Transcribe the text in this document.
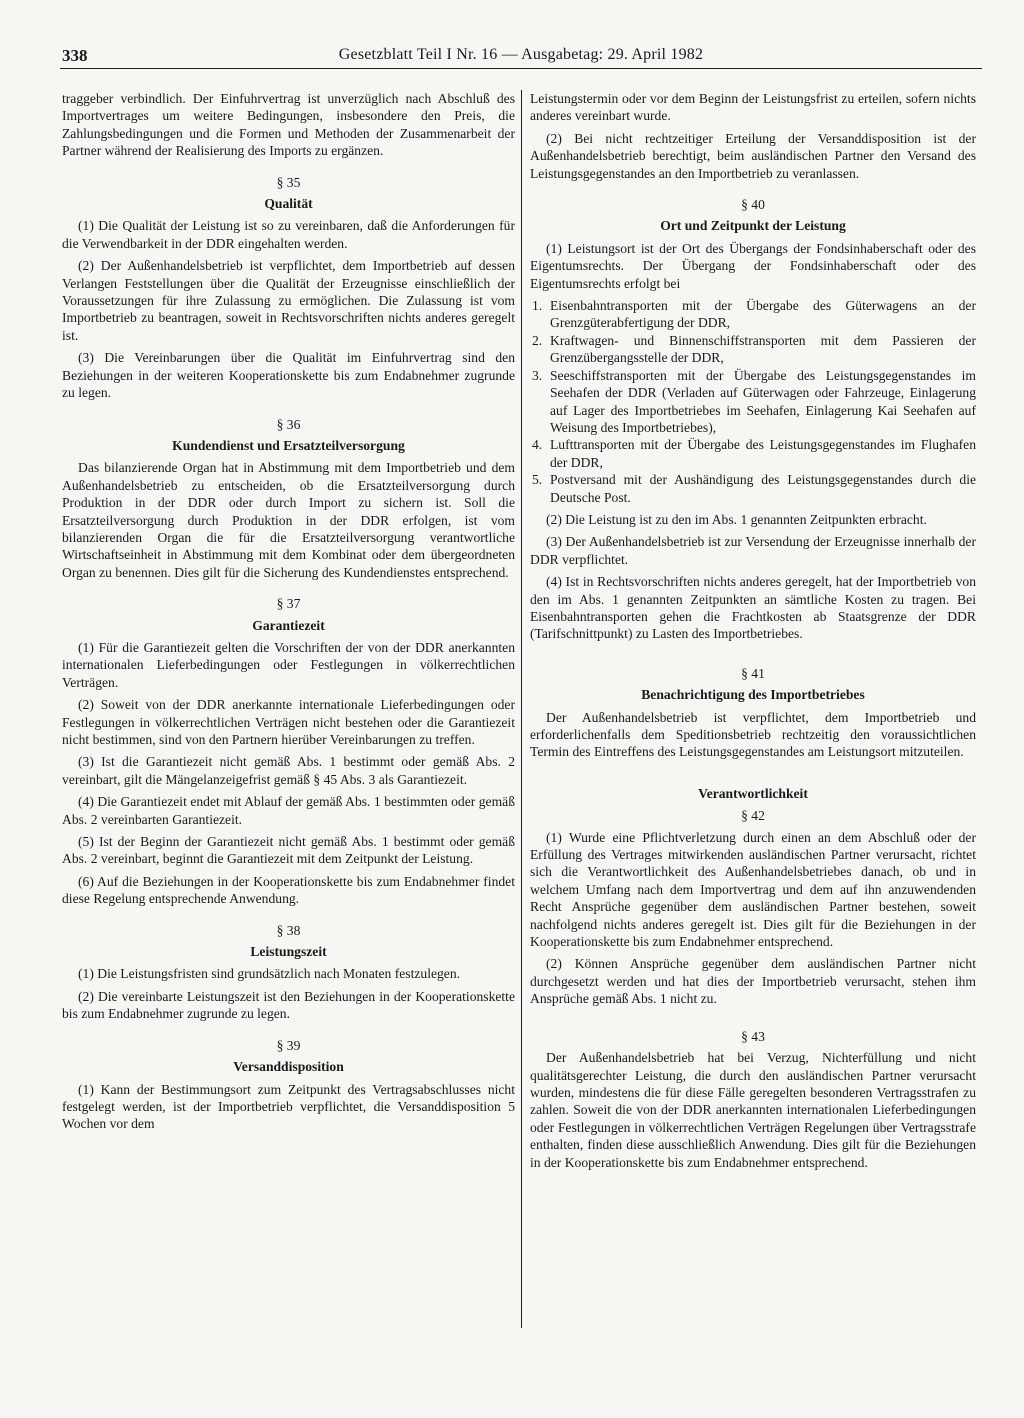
338	Gesetzblatt Teil I Nr. 16 — Ausgabetag: 29. April 1982

traggeber verbindlich. Der Einfuhrvertrag ist unverzüglich nach Abschluß des Importvertrages um weitere Bedingungen, insbesondere den Preis, die Zahlungsbedingungen und die Formen und Methoden der Zusammenarbeit der Partner während der Realisierung des Imports zu ergänzen.

§ 35
Qualität

(1) Die Qualität der Leistung ist so zu vereinbaren, daß die Anforderungen für die Verwendbarkeit in der DDR eingehalten werden.

(2) Der Außenhandelsbetrieb ist verpflichtet, dem Importbetrieb auf dessen Verlangen Feststellungen über die Qualität der Erzeugnisse einschließlich der Voraussetzungen für ihre Zulassung zu ermöglichen. Die Zulassung ist vom Importbetrieb zu beantragen, soweit in Rechtsvorschriften nichts anderes geregelt ist.

(3) Die Vereinbarungen über die Qualität im Einfuhrvertrag sind den Beziehungen in der weiteren Kooperationskette bis zum Endabnehmer zugrunde zu legen.

§ 36
Kundendienst und Ersatzteilversorgung

Das bilanzierende Organ hat in Abstimmung mit dem Importbetrieb und dem Außenhandelsbetrieb zu entscheiden, ob die Ersatzteilversorgung durch Produktion in der DDR oder durch Import zu sichern ist. Soll die Ersatzteilversorgung durch Produktion in der DDR erfolgen, ist vom bilanzierenden Organ die für die Ersatzteilversorgung verantwortliche Wirtschaftseinheit in Abstimmung mit dem Kombinat oder dem übergeordneten Organ zu benennen. Dies gilt für die Sicherung des Kundendienstes entsprechend.

§ 37
Garantiezeit

(1) Für die Garantiezeit gelten die Vorschriften der von der DDR anerkannten internationalen Lieferbedingungen oder Festlegungen in völkerrechtlichen Verträgen.

(2) Soweit von der DDR anerkannte internationale Lieferbedingungen oder Festlegungen in völkerrechtlichen Verträgen nicht bestehen oder die Garantiezeit nicht bestimmen, sind von den Partnern hierüber Vereinbarungen zu treffen.

(3) Ist die Garantiezeit nicht gemäß Abs. 1 bestimmt oder gemäß Abs. 2 vereinbart, gilt die Mängelanzeigefrist gemäß § 45 Abs. 3 als Garantiezeit.

(4) Die Garantiezeit endet mit Ablauf der gemäß Abs. 1 bestimmten oder gemäß Abs. 2 vereinbarten Garantiezeit.

(5) Ist der Beginn der Garantiezeit nicht gemäß Abs. 1 bestimmt oder gemäß Abs. 2 vereinbart, beginnt die Garantiezeit mit dem Zeitpunkt der Leistung.

(6) Auf die Beziehungen in der Kooperationskette bis zum Endabnehmer findet diese Regelung entsprechende Anwendung.

§ 38
Leistungszeit

(1) Die Leistungsfristen sind grundsätzlich nach Monaten festzulegen.

(2) Die vereinbarte Leistungszeit ist den Beziehungen in der Kooperationskette bis zum Endabnehmer zugrunde zu legen.

§ 39
Versanddisposition

(1) Kann der Bestimmungsort zum Zeitpunkt des Vertragsabschlusses nicht festgelegt werden, ist der Importbetrieb verpflichtet, die Versanddisposition 5 Wochen vor dem

Leistungstermin oder vor dem Beginn der Leistungsfrist zu erteilen, sofern nichts anderes vereinbart wurde.

(2) Bei nicht rechtzeitiger Erteilung der Versanddisposition ist der Außenhandelsbetrieb berechtigt, beim ausländischen Partner den Versand des Leistungsgegenstandes an den Importbetrieb zu veranlassen.

§ 40
Ort und Zeitpunkt der Leistung

(1) Leistungsort ist der Ort des Übergangs der Fondsinhaberschaft oder des Eigentumsrechts. Der Übergang der Fondsinhaberschaft oder des Eigentumsrechts erfolgt bei

1. Eisenbahntransporten mit der Übergabe des Güterwagens an der Grenzgüterabfertigung der DDR,
2. Kraftwagen- und Binnenschiffstransporten mit dem Passieren der Grenzübergangsstelle der DDR,
3. Seeschiffstransporten mit der Übergabe des Leistungsgegenstandes im Seehafen der DDR (Verladen auf Güterwagen oder Fahrzeuge, Einlagerung auf Lager des Importbetriebes im Seehafen, Einlagerung Kai Seehafen auf Weisung des Importbetriebes),
4. Lufttransporten mit der Übergabe des Leistungsgegenstandes im Flughafen der DDR,
5. Postversand mit der Aushändigung des Leistungsgegenstandes durch die Deutsche Post.

(2) Die Leistung ist zu den im Abs. 1 genannten Zeitpunkten erbracht.

(3) Der Außenhandelsbetrieb ist zur Versendung der Erzeugnisse innerhalb der DDR verpflichtet.

(4) Ist in Rechtsvorschriften nichts anderes geregelt, hat der Importbetrieb von den im Abs. 1 genannten Zeitpunkten an sämtliche Kosten zu tragen. Bei Eisenbahntransporten gehen die Frachtkosten ab Staatsgrenze der DDR (Tarifschnittpunkt) zu Lasten des Importbetriebes.

§ 41
Benachrichtigung des Importbetriebes

Der Außenhandelsbetrieb ist verpflichtet, dem Importbetrieb und erforderlichenfalls dem Speditionsbetrieb rechtzeitig den voraussichtlichen Termin des Eintreffens des Leistungsgegenstandes am Leistungsort mitzuteilen.

Verantwortlichkeit
§ 42

(1) Wurde eine Pflichtverletzung durch einen an dem Abschluß oder der Erfüllung des Vertrages mitwirkenden ausländischen Partner verursacht, richtet sich die Verantwortlichkeit des Außenhandelsbetriebes danach, ob und in welchem Umfang nach dem Importvertrag und dem auf ihn anzuwendenden Recht Ansprüche gegenüber dem ausländischen Partner bestehen, soweit nachfolgend nichts anderes geregelt ist. Dies gilt für die Beziehungen in der Kooperationskette bis zum Endabnehmer entsprechend.

(2) Können Ansprüche gegenüber dem ausländischen Partner nicht durchgesetzt werden und hat dies der Importbetrieb verursacht, stehen ihm Ansprüche gemäß Abs. 1 nicht zu.

§ 43

Der Außenhandelsbetrieb hat bei Verzug, Nichterfüllung und nicht qualitätsgerechter Leistung, die durch den ausländischen Partner verursacht wurden, mindestens die für diese Fälle geregelten besonderen Vertragsstrafen zu zahlen. Soweit die von der DDR anerkannten internationalen Lieferbedingungen oder Festlegungen in völkerrechtlichen Verträgen Regelungen über Vertragsstrafe enthalten, finden diese ausschließlich Anwendung. Dies gilt für die Beziehungen in der Kooperationskette bis zum Endabnehmer entsprechend.
